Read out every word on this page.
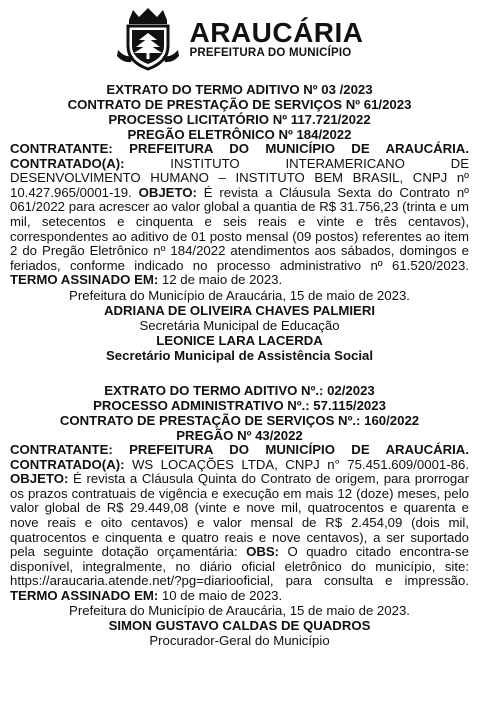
ARAUCÁRIA
PREFEITURA DO MUNICÍPIO
EXTRATO DO TERMO ADITIVO Nº 03 /2023
CONTRATO DE PRESTAÇÃO DE SERVIÇOS Nº 61/2023
PROCESSO LICITATÓRIO Nº 117.721/2022
PREGÃO ELETRÔNICO Nº 184/2022
CONTRATANTE: PREFEITURA DO MUNICÍPIO DE ARAUCÁRIA. CONTRATADO(A): INSTITUTO INTERAMERICANO DE DESENVOLVIMENTO HUMANO – INSTITUTO BEM BRASIL, CNPJ nº 10.427.965/0001-19. OBJETO: É revista a Cláusula Sexta do Contrato nº 061/2022 para acrescer ao valor global a quantia de R$ 31.756,23 (trinta e um mil, setecentos e cinquenta e seis reais e vinte e três centavos), correspondentes ao aditivo de 01 posto mensal (09 postos) referentes ao item 2 do Pregão Eletrônico nº 184/2022 atendimentos aos sábados, domingos e feriados, conforme indicado no processo administrativo nº 61.520/2023. TERMO ASSINADO EM: 12 de maio de 2023.
Prefeitura do Município de Araucária, 15 de maio de 2023.
ADRIANA DE OLIVEIRA CHAVES PALMIERI
Secretária Municipal de Educação
LEONICE LARA LACERDA
Secretário Municipal de Assistência Social
EXTRATO DO TERMO ADITIVO Nº.: 02/2023
PROCESSO ADMINISTRATIVO Nº.: 57.115/2023
CONTRATO DE PRESTAÇÃO DE SERVIÇOS Nº.: 160/2022
PREGÃO Nº 43/2022
CONTRATANTE: PREFEITURA DO MUNICÍPIO DE ARAUCÁRIA. CONTRATADO(A): WS LOCAÇÕES LTDA, CNPJ n° 75.451.609/0001-86. OBJETO: É revista a Cláusula Quinta do Contrato de origem, para prorrogar os prazos contratuais de vigência e execução em mais 12 (doze) meses, pelo valor global de R$ 29.449,08 (vinte e nove mil, quatrocentos e quarenta e nove reais e oito centavos) e valor mensal de R$ 2.454,09 (dois mil, quatrocentos e cinquenta e quatro reais e nove centavos), a ser suportado pela seguinte dotação orçamentária: OBS: O quadro citado encontra-se disponível, integralmente, no diário oficial eletrônico do município, site: https://araucaria.atende.net/?pg=diariooficial, para consulta e impressão. TERMO ASSINADO EM: 10 de maio de 2023.
Prefeitura do Município de Araucária, 15 de maio de 2023.
SIMON GUSTAVO CALDAS DE QUADROS
Procurador-Geral do Município
